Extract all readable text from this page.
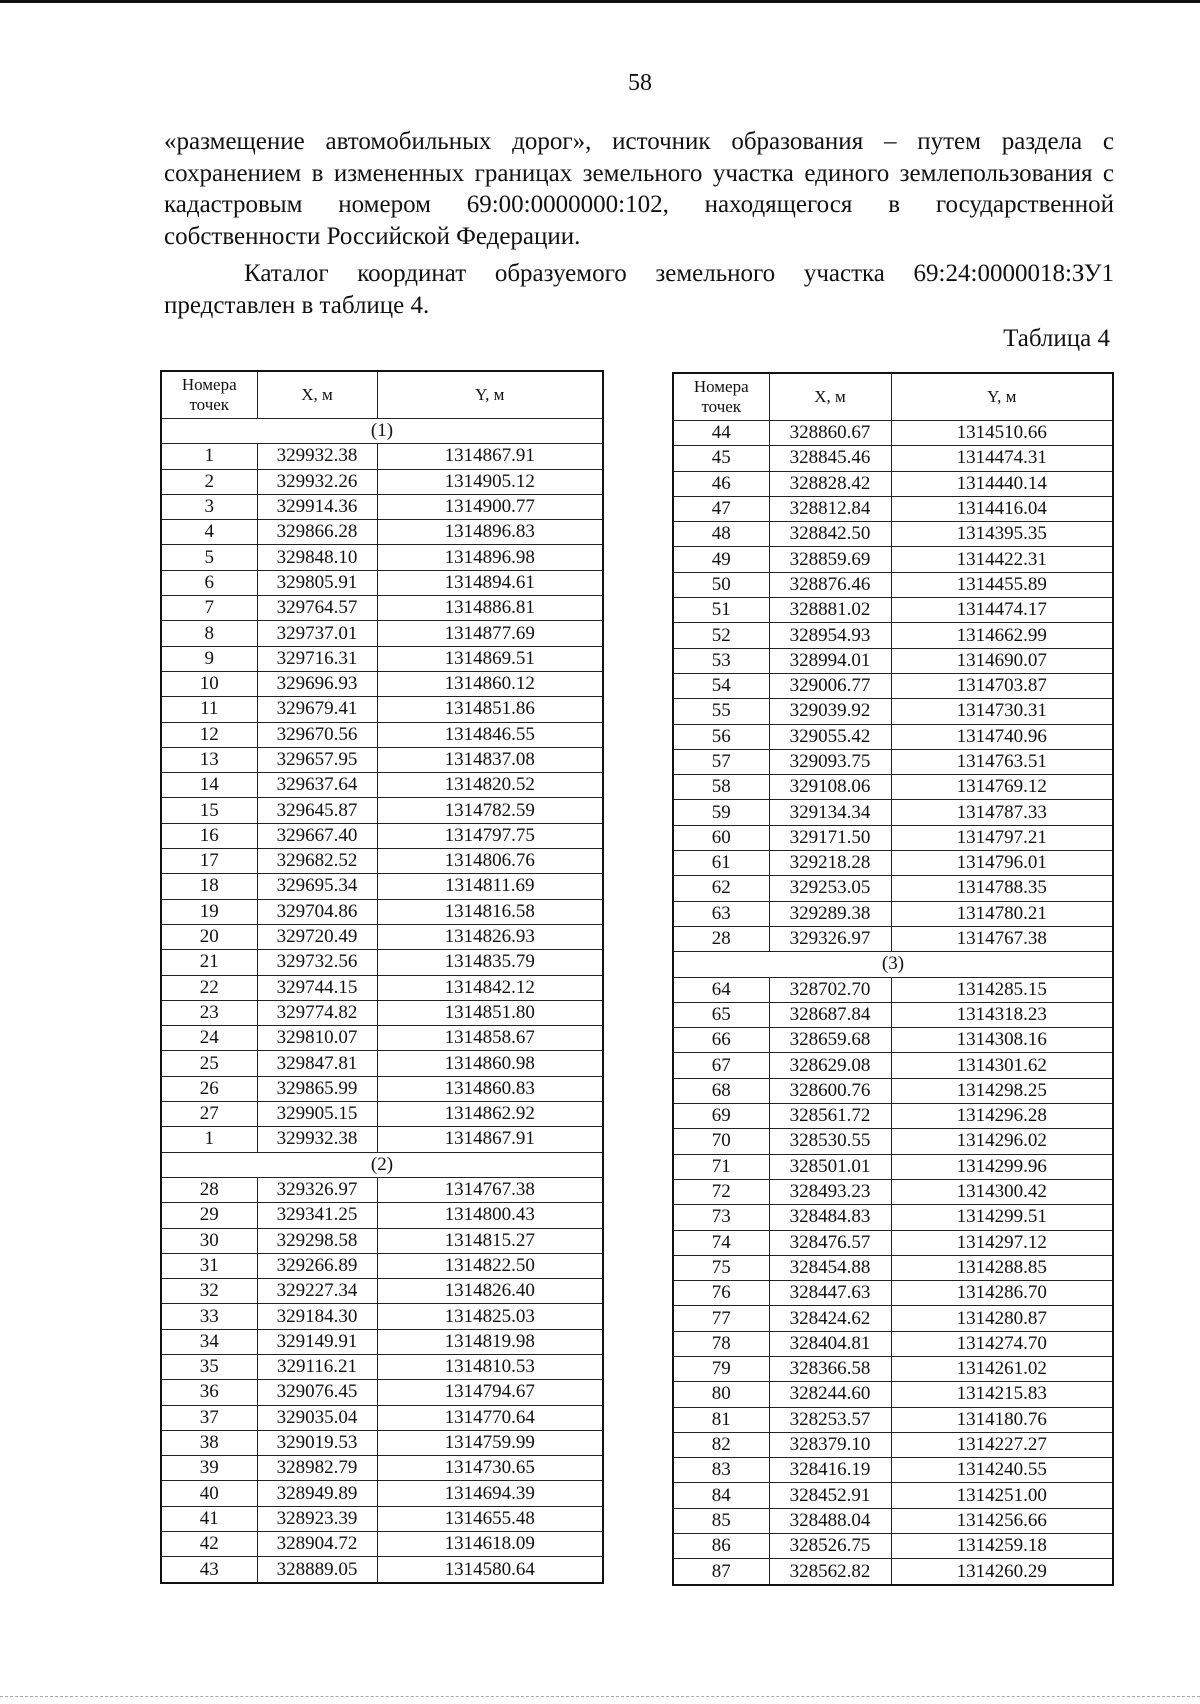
58
«размещение автомобильных дорог», источник образования – путем раздела с сохранением в измененных границах земельного участка единого землепользования с кадастровым номером 69:00:0000000:102, находящегося в государственной собственности Российской Федерации.
Каталог координат образуемого земельного участка 69:24:0000018:ЗУ1 представлен в таблице 4.
Таблица 4
Номера точек	X, м	Y, м
(1)		
1	329932.38	1314867.91
2	329932.26	1314905.12
3	329914.36	1314900.77
4	329866.28	1314896.83
5	329848.10	1314896.98
6	329805.91	1314894.61
7	329764.57	1314886.81
8	329737.01	1314877.69
9	329716.31	1314869.51
10	329696.93	1314860.12
11	329679.41	1314851.86
12	329670.56	1314846.55
13	329657.95	1314837.08
14	329637.64	1314820.52
15	329645.87	1314782.59
16	329667.40	1314797.75
17	329682.52	1314806.76
18	329695.34	1314811.69
19	329704.86	1314816.58
20	329720.49	1314826.93
21	329732.56	1314835.79
22	329744.15	1314842.12
23	329774.82	1314851.80
24	329810.07	1314858.67
25	329847.81	1314860.98
26	329865.99	1314860.83
27	329905.15	1314862.92
1	329932.38	1314867.91
(2)		
28	329326.97	1314767.38
29	329341.25	1314800.43
30	329298.58	1314815.27
31	329266.89	1314822.50
32	329227.34	1314826.40
33	329184.30	1314825.03
34	329149.91	1314819.98
35	329116.21	1314810.53
36	329076.45	1314794.67
37	329035.04	1314770.64
38	329019.53	1314759.99
39	328982.79	1314730.65
40	328949.89	1314694.39
41	328923.39	1314655.48
42	328904.72	1314618.09
43	328889.05	1314580.64
Номера точек	X, м	Y, м
44	328860.67	1314510.66
45	328845.46	1314474.31
46	328828.42	1314440.14
47	328812.84	1314416.04
48	328842.50	1314395.35
49	328859.69	1314422.31
50	328876.46	1314455.89
51	328881.02	1314474.17
52	328954.93	1314662.99
53	328994.01	1314690.07
54	329006.77	1314703.87
55	329039.92	1314730.31
56	329055.42	1314740.96
57	329093.75	1314763.51
58	329108.06	1314769.12
59	329134.34	1314787.33
60	329171.50	1314797.21
61	329218.28	1314796.01
62	329253.05	1314788.35
63	329289.38	1314780.21
28	329326.97	1314767.38
(3)		
64	328702.70	1314285.15
65	328687.84	1314318.23
66	328659.68	1314308.16
67	328629.08	1314301.62
68	328600.76	1314298.25
69	328561.72	1314296.28
70	328530.55	1314296.02
71	328501.01	1314299.96
72	328493.23	1314300.42
73	328484.83	1314299.51
74	328476.57	1314297.12
75	328454.88	1314288.85
76	328447.63	1314286.70
77	328424.62	1314280.87
78	328404.81	1314274.70
79	328366.58	1314261.02
80	328244.60	1314215.83
81	328253.57	1314180.76
82	328379.10	1314227.27
83	328416.19	1314240.55
84	328452.91	1314251.00
85	328488.04	1314256.66
86	328526.75	1314259.18
87	328562.82	1314260.29
